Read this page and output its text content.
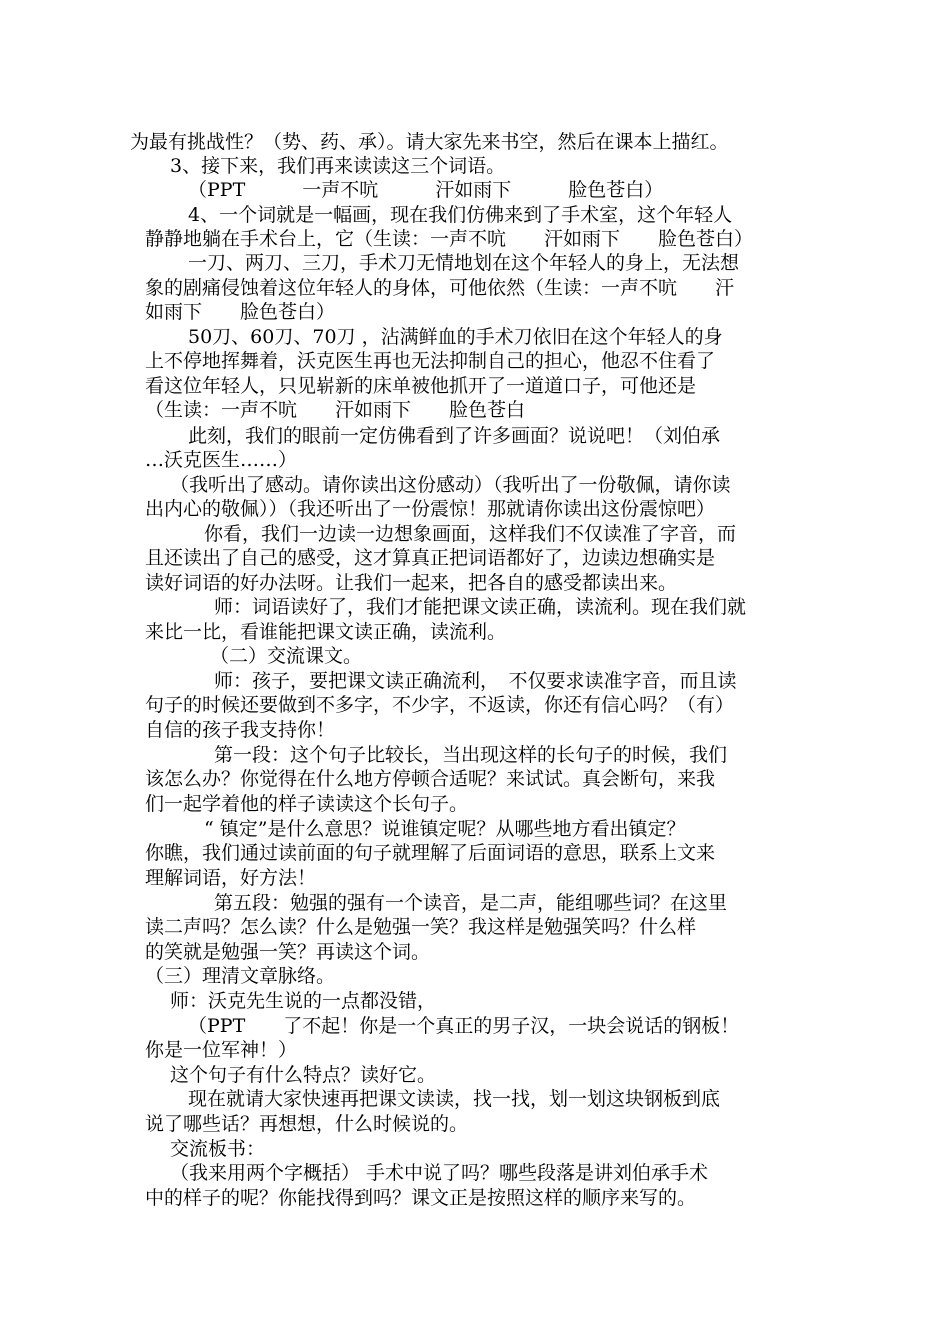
为最有挑战性？（势、药、承）。请大家先来书空，然后在课本上描红。
3、接下来，我们再来读读这三个词语。
（PPT　　　一声不吭　　　汗如雨下　　　脸色苍白）
4、一个词就是一幅画，现在我们仿佛来到了手术室，这个年轻人
静静地躺在手术台上，它（生读：一声不吭　　汗如雨下　　脸色苍白）
一刀、两刀、三刀，手术刀无情地划在这个年轻人的身上，无法想
象的剧痛侵蚀着这位年轻人的身体，可他依然（生读：一声不吭　　汗
如雨下　　脸色苍白）
50刀、60刀、70刀 ，沾满鲜血的手术刀依旧在这个年轻人的身
上不停地挥舞着，沃克医生再也无法抑制自己的担心，他忍不住看了
看这位年轻人，只见崭新的床单被他抓开了一道道口子，可他还是
（生读：一声不吭　　汗如雨下　　脸色苍白
此刻，我们的眼前一定仿佛看到了许多画面？说说吧！（刘伯承
…沃克医生……）
（我听出了感动。请你读出这份感动）（我听出了一份敬佩，请你读
出内心的敬佩））（我还听出了一份震惊！那就请你读出这份震惊吧）
你看，我们一边读一边想象画面，这样我们不仅读准了字音，而
且还读出了自己的感受，这才算真正把词语都好了，边读边想确实是
读好词语的好办法呀。让我们一起来，把各自的感受都读出来。
师：词语读好了，我们才能把课文读正确，读流利。现在我们就
来比一比，看谁能把课文读正确，读流利。
（二）交流课文。
师：孩子，要把课文读正确流利，　不仅要求读准字音，而且读
句子的时候还要做到不多字，不少字，不返读，你还有信心吗？（有）
自信的孩子我支持你！
第一段：这个句子比较长，当出现这样的长句子的时候，我们
该怎么办？你觉得在什么地方停顿合适呢？来试试。真会断句，来我
们一起学着他的样子读读这个长句子。
“ 镇定”是什么意思？说谁镇定呢？从哪些地方看出镇定？
你瞧，我们通过读前面的句子就理解了后面词语的意思，联系上文来
理解词语，好方法！
第五段：勉强的强有一个读音，是二声，能组哪些词？在这里
读二声吗？怎么读？什么是勉强一笑？我这样是勉强笑吗？什么样
的笑就是勉强一笑？再读这个词。
（三）理清文章脉络。
师：沃克先生说的一点都没错，
（PPT　　了不起！你是一个真正的男子汉，一块会说话的钢板！
你是一位军神！）
这个句子有什么特点？读好它。
现在就请大家快速再把课文读读，找一找，划一划这块钢板到底
说了哪些话？再想想，什么时候说的。
交流板书：
（我来用两个字概括） 手术中说了吗？哪些段落是讲刘伯承手术
中的样子的呢？你能找得到吗？课文正是按照这样的顺序来写的。
